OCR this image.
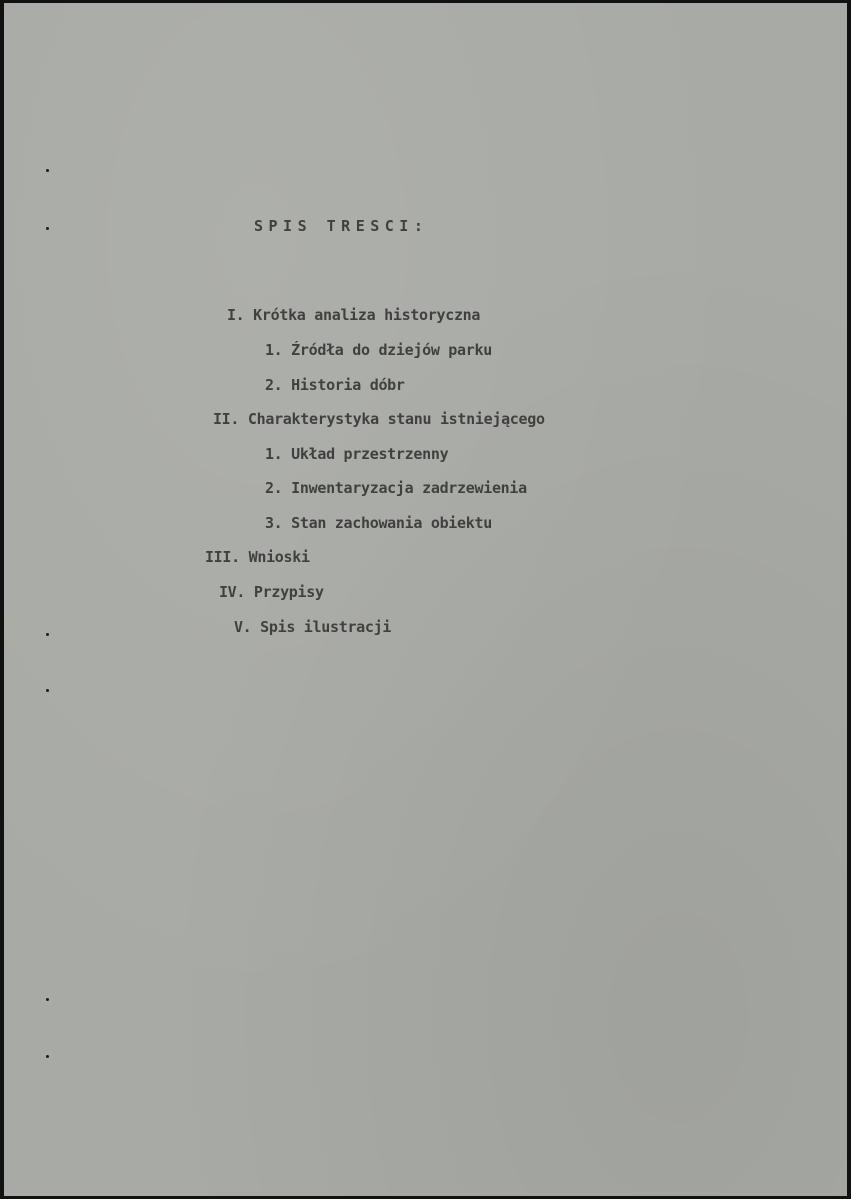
SPIS TRESCI:

I. Krótka analiza historyczna

1. Źródła do dziejów parku

2. Historia dóbr

II. Charakterystyka stanu istniejącego

1. Układ przestrzenny

2. Inwentaryzacja zadrzewienia

3. Stan zachowania obiektu

III. Wnioski

IV. Przypisy

V. Spis ilustracji
